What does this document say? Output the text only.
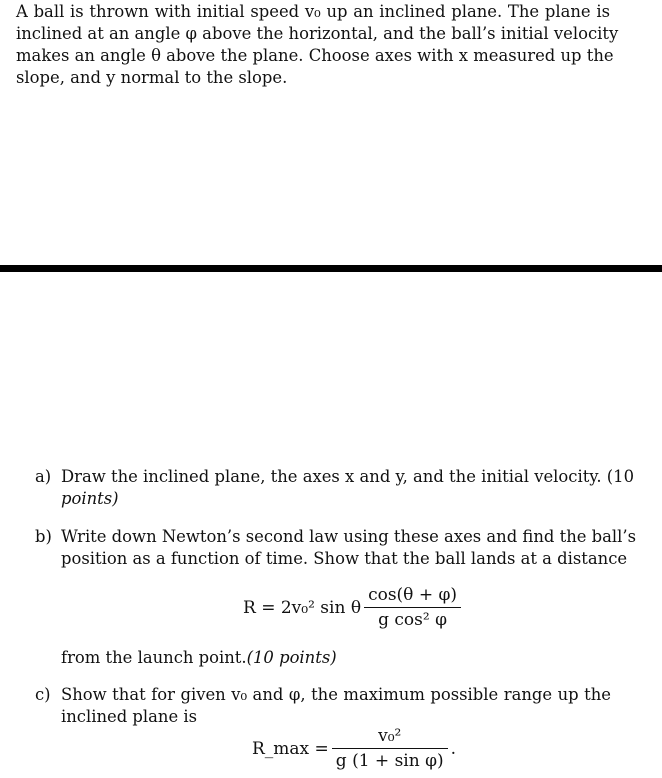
A ball is thrown with initial speed v₀ up an inclined plane. The plane is
inclined at an angle φ above the horizontal, and the ball’s initial velocity
makes an angle θ above the plane. Choose axes with x measured up the
slope, and y normal to the slope.
a) Draw the inclined plane, the axes x and y, and the initial velocity. (10
points)
b) Write down Newton’s second law using these axes and find the ball’s
position as a function of time. Show that the ball lands at a distance
R = 2v₀² sin θ $\frac{\cos(\theta + \varphi)}{\text{g cos² φ}}$
from the launch point.(10 points)
c) Show that for given v₀ and φ, the maximum possible range up the
inclined plane is
R_max = $\frac{\text{v₀²}}{\text{g (1 + sin φ)}}$ .
